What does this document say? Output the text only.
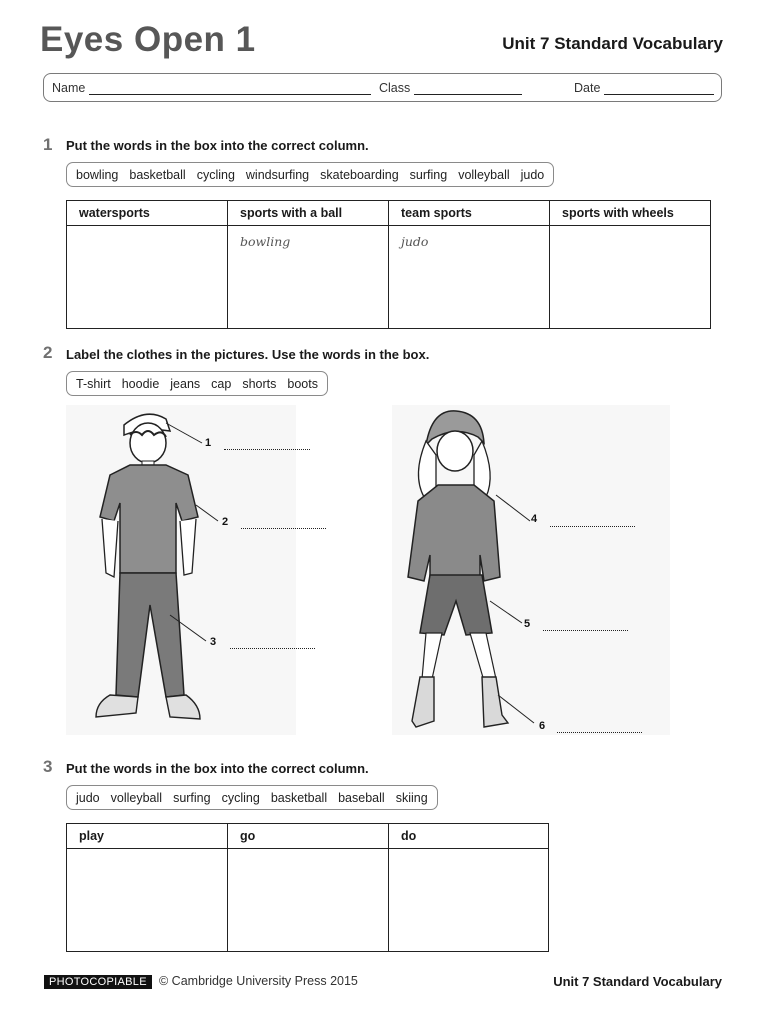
Eyes Open 1	Unit 7 Standard Vocabulary
Name	Class	Date
1 Put the words in the box into the correct column.
bowling basketball cycling windsurfing skateboarding surfing volleyball judo
watersports	sports with a ball	team sports	sports with wheels
	bowling	judo	
2 Label the clothes in the pictures. Use the words in the box.
T-shirt hoodie jeans cap shorts boots
1
2
3
4
5
6
3 Put the words in the box into the correct column.
judo volleyball surfing cycling basketball baseball skiing
play	go	do

PHOTOCOPIABLE © Cambridge University Press 2015	Unit 7 Standard Vocabulary
